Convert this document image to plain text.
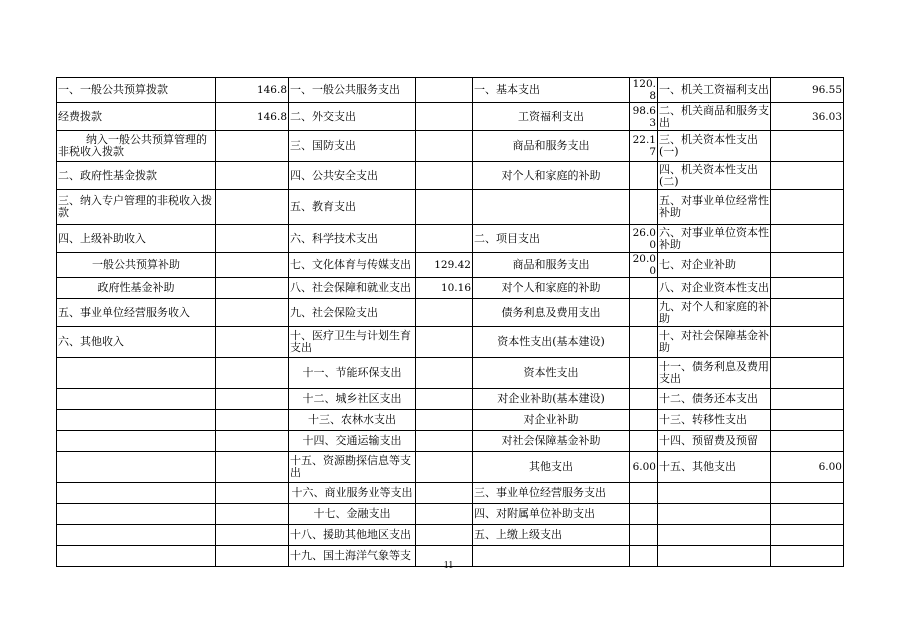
一、一般公共预算拨款	146.8	一、一般公共服务支出		一、基本支出	120.8	一、机关工资福利支出	96.55
经费拨款	146.8	二、外交支出		工资福利支出	98.63	二、机关商品和服务支出	36.03
纳入一般公共预算管理的非税收入拨款		三、国防支出		商品和服务支出	22.17	三、机关资本性支出(一)	
二、政府性基金拨款		四、公共安全支出		对个人和家庭的补助		四、机关资本性支出(二)	
三、纳入专户管理的非税收入拨款		五、教育支出				五、对事业单位经常性补助	
四、上级补助收入		六、科学技术支出		二、项目支出	26.00	六、对事业单位资本性补助	
一般公共预算补助		七、文化体育与传媒支出	129.42	商品和服务支出	20.00	七、对企业补助	
政府性基金补助		八、社会保障和就业支出	10.16	对个人和家庭的补助		八、对企业资本性支出	
五、事业单位经营服务收入		九、社会保险支出		债务利息及费用支出		九、对个人和家庭的补助	
六、其他收入		十、医疗卫生与计划生育支出		资本性支出(基本建设)		十、对社会保障基金补助	
		十一、节能环保支出		资本性支出		十一、债务利息及费用支出	
		十二、城乡社区支出		对企业补助(基本建设)		十二、债务还本支出	
		十三、农林水支出		对企业补助		十三、转移性支出	
		十四、交通运输支出		对社会保障基金补助		十四、预留费及预留	
		十五、资源勘探信息等支出		其他支出	6.00	十五、其他支出	6.00
		十六、商业服务业等支出		三、事业单位经营服务支出			
		十七、金融支出		四、对附属单位补助支出			
		十八、援助其他地区支出		五、上缴上级支出			
		十九、国土海洋气象等支					
11
